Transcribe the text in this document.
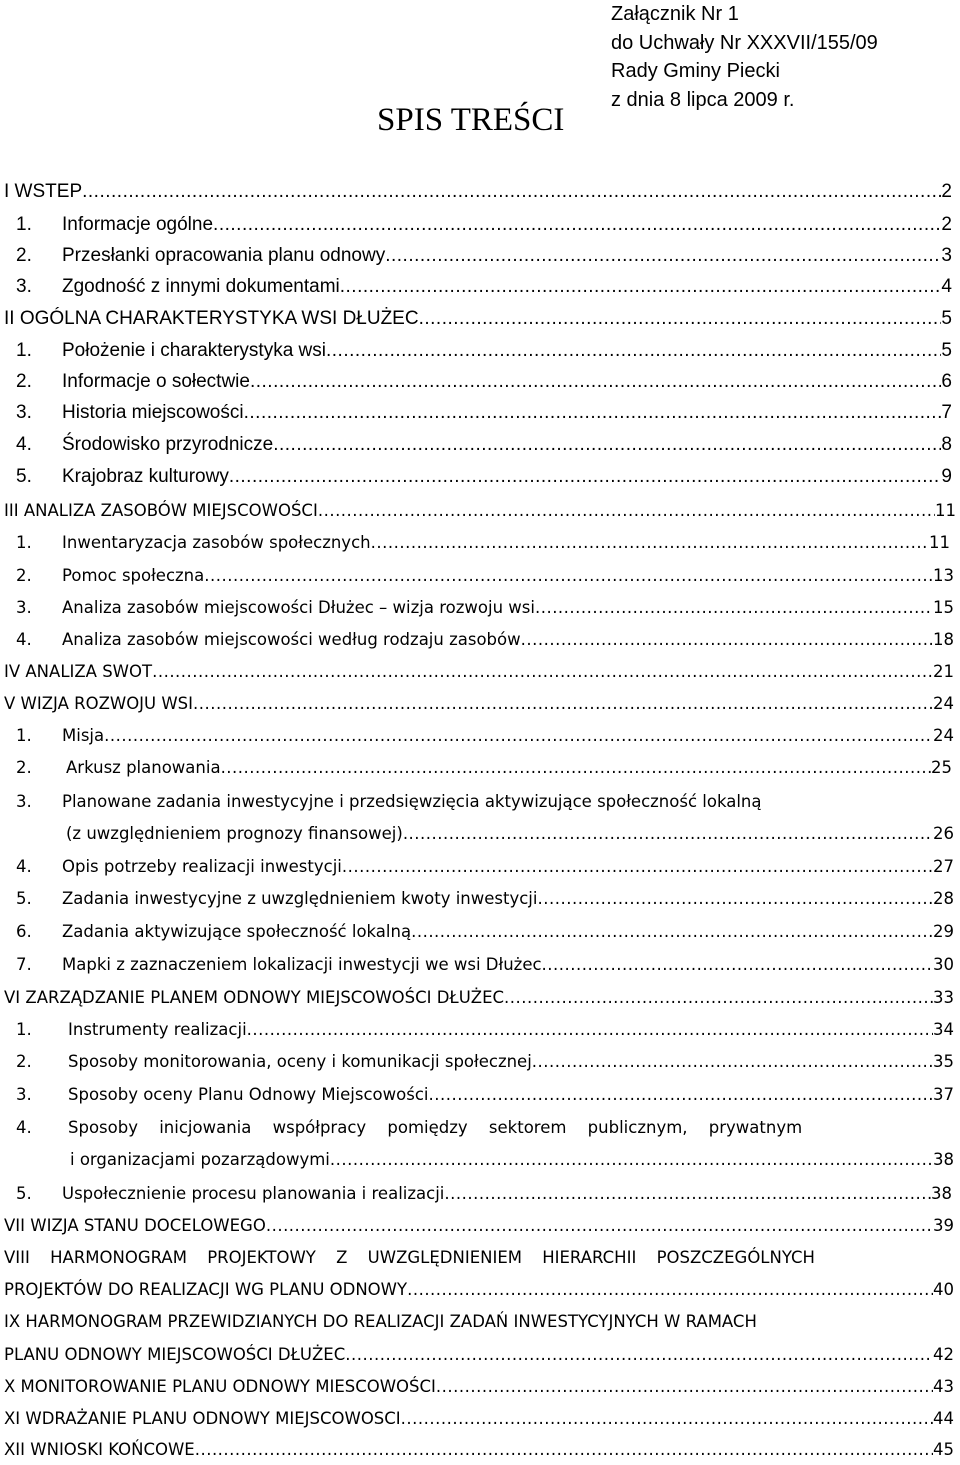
Załącznik Nr 1
do Uchwały Nr XXXVII/155/09
Rady Gminy Piecki
z dnia 8 lipca 2009 r.
SPIS TREŚCI
I WSTEP .....	2
1.	Informacje ogólne .....	2
2.	Przesłanki opracowania planu odnowy .....	3
3.	Zgodność z innymi dokumentami .....	4
II OGÓLNA CHARAKTERYSTYKA WSI DŁUŻEC .....	5
1.	Położenie i charakterystyka wsi .....	5
2.	Informacje o sołectwie .....	6
3.	Historia miejscowości .....	7
4.	Środowisko przyrodnicze .....	8
5.	Krajobraz kulturowy .....	9
III ANALIZA ZASOBÓW MIEJSCOWOŚCI .....	11
1.	Inwentaryzacja zasobów społecznych .....	11
2.	Pomoc społeczna .....	13
3.	Analiza zasobów miejscowości Dłużec – wizja rozwoju wsi .....	15
4.	Analiza zasobów miejscowości według rodzaju zasobów .....	18
IV ANALIZA SWOT .....	21
V WIZJA ROZWOJU WSI .....	24
1.	Misja .....	24
2.	Arkusz planowania .....	25
3.	Planowane zadania inwestycyjne i przedsięwzięcia aktywizujące społeczność lokalną
(z uwzględnieniem prognozy finansowej) .....	26
4.	Opis potrzeby realizacji inwestycji .....	27
5.	Zadania inwestycyjne z uwzględnieniem kwoty inwestycji .....	28
6.	Zadania aktywizujące społeczność lokalną .....	29
7.	Mapki z zaznaczeniem lokalizacji inwestycji we wsi Dłużec .....	30
VI ZARZĄDZANIE PLANEM ODNOWY MIEJSCOWOŚCI DŁUŻEC .....	33
1.	Instrumenty realizacji .....	34
2.	Sposoby monitorowania, oceny i komunikacji społecznej .....	35
3.	Sposoby oceny Planu Odnowy Miejscowości .....	37
4.	Sposoby inicjowania współpracy pomiędzy sektorem publicznym, prywatnym
i organizacjami pozarządowymi .....	38
5.	Uspołecznienie procesu planowania i realizacji .....	38
VII WIZJA STANU DOCELOWEGO .....	39
VIII HARMONOGRAM PROJEKTOWY Z UWZGLĘDNIENIEM HIERARCHII POSZCZEGÓLNYCH
PROJEKTÓW DO REALIZACJI WG PLANU ODNOWY .....	40
IX HARMONOGRAM PRZEWIDZIANYCH DO REALIZACJI ZADAŃ INWESTYCYJNYCH W RAMACH
PLANU ODNOWY MIEJSCOWOŚCI DŁUŻEC .....	42
X MONITOROWANIE PLANU ODNOWY MIESCOWOŚCI .....	43
XI WDRAŻANIE PLANU ODNOWY MIEJSCOWOSCI .....	44
XII WNIOSKI KOŃCOWE .....	45
